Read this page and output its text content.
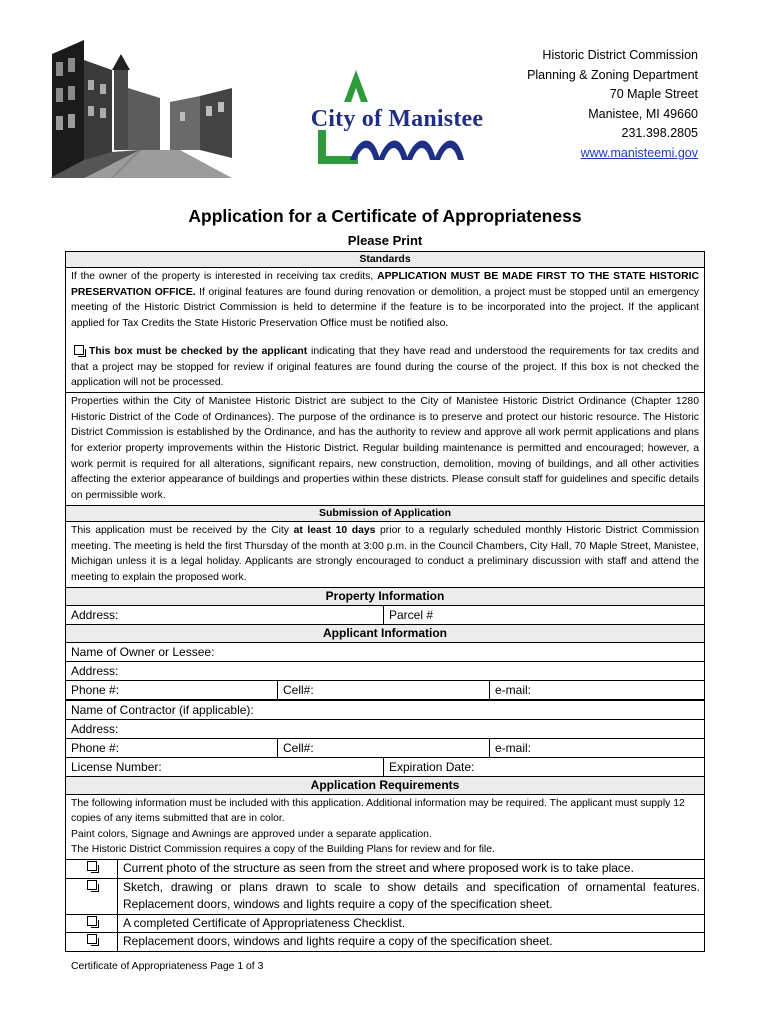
City of Manistee
Historic District Commission
Planning & Zoning Department
70 Maple Street
Manistee, MI 49660
231.398.2805
www.manisteemi.gov
Application for a Certificate of Appropriateness
Please Print
Standards
If the owner of the property is interested in receiving tax credits, APPLICATION MUST BE MADE FIRST TO THE STATE HISTORIC PRESERVATION OFFICE. If original features are found during renovation or demolition, a project must be stopped until an emergency meeting of the Historic District Commission is held to determine if the feature is to be incorporated into the project. If the applicant applied for Tax Credits the State Historic Preservation Office must be notified also.
This box must be checked by the applicant indicating that they have read and understood the requirements for tax credits and that a project may be stopped for review if original features are found during the course of the project. If this box is not checked the application will not be processed.
Properties within the City of Manistee Historic District are subject to the City of Manistee Historic District Ordinance (Chapter 1280 Historic District of the Code of Ordinances). The purpose of the ordinance is to preserve and protect our historic resource. The Historic District Commission is established by the Ordinance, and has the authority to review and approve all work permit applications and plans for exterior property improvements within the Historic District. Regular building maintenance is permitted and encouraged; however, a work permit is required for all alterations, significant repairs, new construction, demolition, moving of buildings, and all other activities affecting the exterior appearance of buildings and properties within these districts. Please consult staff for guidelines and specific details on permissible work.
Submission of Application
This application must be received by the City at least 10 days prior to a regularly scheduled monthly Historic District Commission meeting. The meeting is held the first Thursday of the month at 3:00 p.m. in the Council Chambers, City Hall, 70 Maple Street, Manistee, Michigan unless it is a legal holiday. Applicants are strongly encouraged to conduct a preliminary discussion with staff and attend the meeting to explain the proposed work.
Property Information
Address:	Parcel #
Applicant Information
Name of Owner or Lessee:
Address:
Phone #:	Cell#:	e-mail:
Name of Contractor (if applicable):
Address:
Phone #:	Cell#:	e-mail:
License Number:	Expiration Date:
Application Requirements
The following information must be included with this application. Additional information may be required. The applicant must supply 12 copies of any items submitted that are in color.
Paint colors, Signage and Awnings are approved under a separate application.
The Historic District Commission requires a copy of the Building Plans for review and for file.
Current photo of the structure as seen from the street and where proposed work is to take place.
Sketch, drawing or plans drawn to scale to show details and specification of ornamental features. Replacement doors, windows and lights require a copy of the specification sheet.
A completed Certificate of Appropriateness Checklist.
Replacement doors, windows and lights require a copy of the specification sheet.
Certificate of Appropriateness Page 1 of 3
